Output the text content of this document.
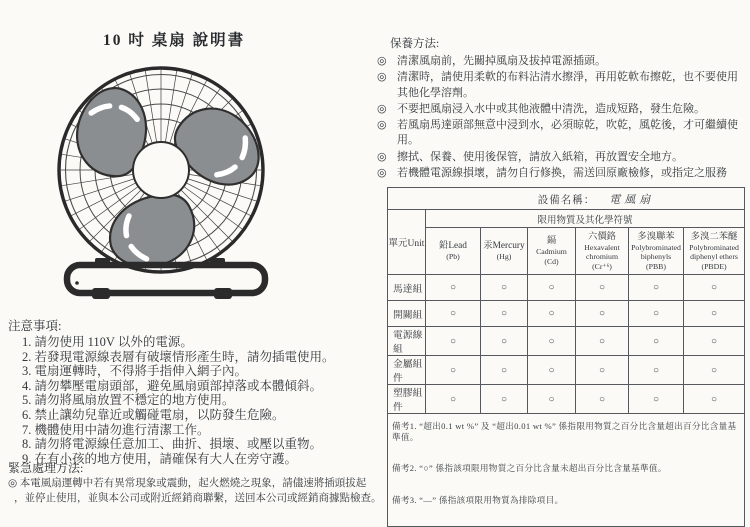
10 吋 桌扇 說明書
注意事項:
1. 請勿使用 110V 以外的電源。
2. 若發現電源線表層有破壞情形產生時，請勿插電使用。
3. 電扇運轉時，不得將手指伸入網子內。
4. 請勿攀壓電扇頭部，避免風扇頭部掉落或本體傾斜。
5. 請勿將風扇放置不穩定的地方使用。
6. 禁止讓幼兒靠近或觸碰電扇，以防發生危險。
7. 機體使用中請勿進行清潔工作。
8. 請勿將電源線任意加工、曲折、損壞、或壓以重物。
9. 在有小孩的地方使用，請確保有大人在旁守護。
緊急處理方法:
◎ 本電風扇運轉中若有異常現象或震動，起火燃燒之現象，請儘速將插頭拔起
，並停止使用，並與本公司或附近經銷商聯繫，送回本公司或經銷商據點檢查。
保養方法:
◎ 清潔風扇前，先關掉風扇及拔掉電源插頭。
◎ 清潔時，請使用柔軟的布料沾清水擦淨，再用乾軟布擦乾，也不要使用其他化學溶劑。
◎ 不要把風扇浸入水中或其他液體中清洗，造成短路，發生危險。
◎ 若風扇馬達頭部無意中浸到水，必須晾乾，吹乾，風乾後，才可繼續使用。
◎ 擦拭、保養、使用後保管，請放入紙箱，再放置安全地方。
◎ 若機體電源線損壞，請勿自行修換，需送回原廠檢修，或指定之服務
設備名稱： 電風扇						
單元Unit	限用物質及其化學符號					

鉛Lead
(Pb)

汞Mercury
(Hg)

鎘
Cadmium
(Cd)

六價鉻
Hexavalent
chromium
(Cr⁺⁶)

多溴聯苯
Polybrominated
biphenyls
(PBB)

多溴二苯醚
Polybrominated
diphenyl ethers
(PBDE)

馬達組	○	○	○	○	○	○
開關組	○	○	○	○	○	○
電源線組	○	○	○	○	○	○
金屬組件	○	○	○	○	○	○
塑膠組件	○	○	○	○	○	○

備考1. “超出0.1 wt %” 及 “超出0.01 wt %” 係指限用物質之百分比含量超出百分比含量基準值。
備考2. “○” 係指該項限用物質之百分比含量未超出百分比含量基準值。
備考3. “—” 係指該項限用物質為排除項目。						
